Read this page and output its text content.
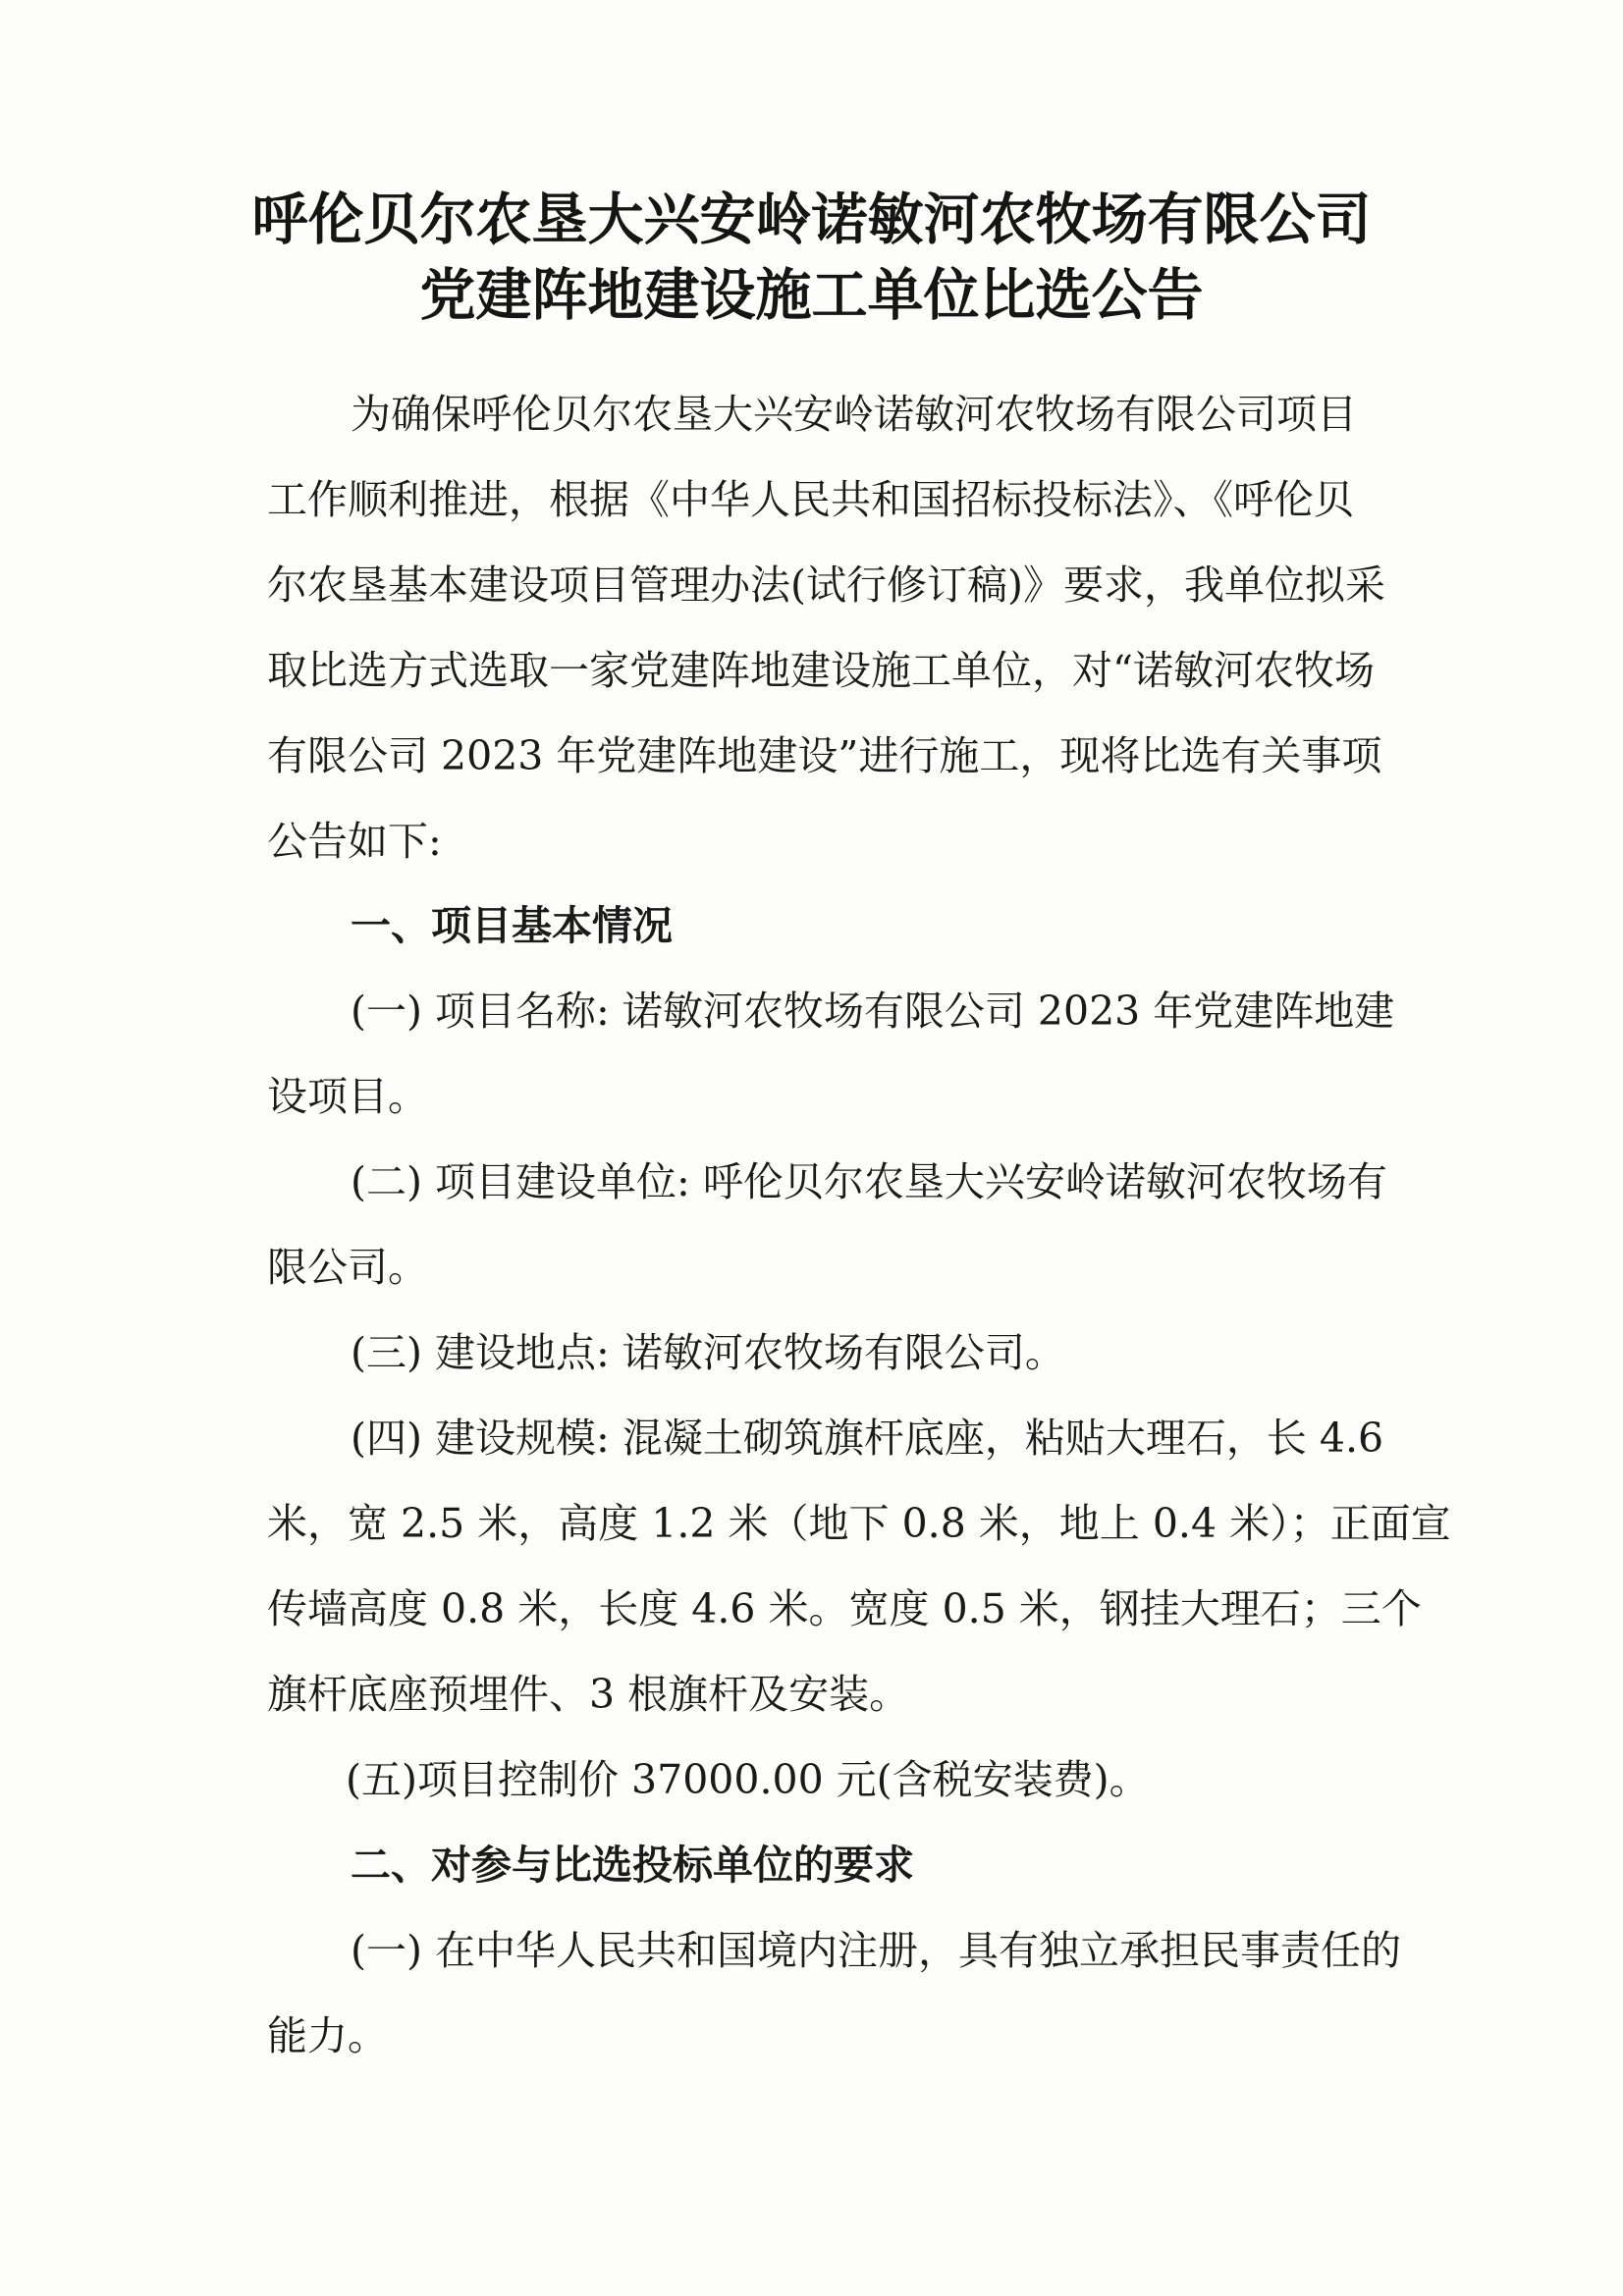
呼伦贝尔农垦大兴安岭诺敏河农牧场有限公司
党建阵地建设施工单位比选公告
为确保呼伦贝尔农垦大兴安岭诺敏河农牧场有限公司项目
工作顺利推进，根据《中华人民共和国招标投标法》、《呼伦贝
尔农垦基本建设项目管理办法(试行修订稿)》要求，我单位拟采
取比选方式选取一家党建阵地建设施工单位，对“诺敏河农牧场
有限公司 2023 年党建阵地建设”进行施工，现将比选有关事项
公告如下:
一、项目基本情况
(一) 项目名称: 诺敏河农牧场有限公司 2023 年党建阵地建
设项目。
(二) 项目建设单位: 呼伦贝尔农垦大兴安岭诺敏河农牧场有
限公司。
(三) 建设地点: 诺敏河农牧场有限公司。
(四) 建设规模: 混凝土砌筑旗杆底座，粘贴大理石，长 4.6
米，宽 2.5 米，高度 1.2 米（地下 0.8 米，地上 0.4 米）；正面宣
传墙高度 0.8 米，长度 4.6 米。宽度 0.5 米，钢挂大理石；三个
旗杆底座预埋件、3 根旗杆及安装。
(五)项目控制价 37000.00 元(含税安装费)。
二、对参与比选投标单位的要求
(一) 在中华人民共和国境内注册，具有独立承担民事责任的
能力。
